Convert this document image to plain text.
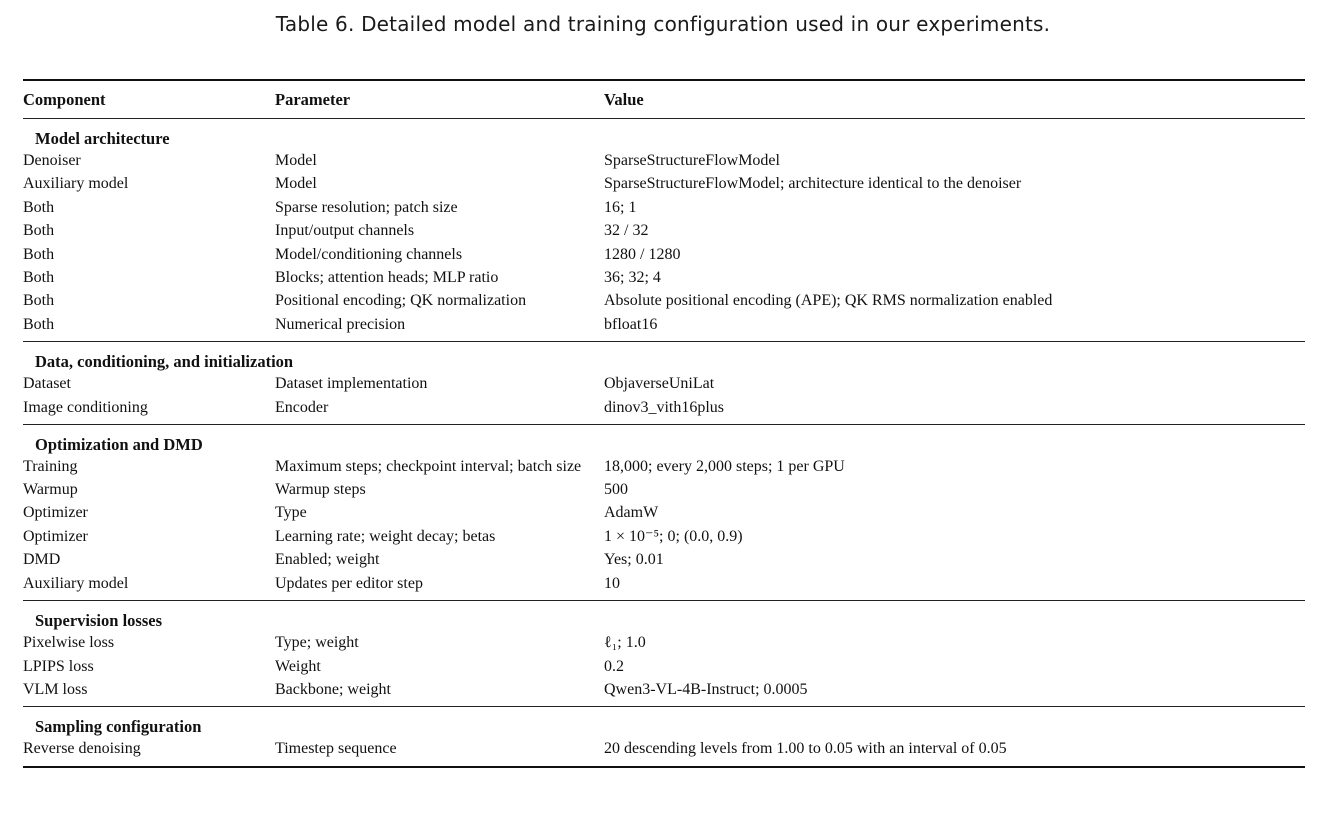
Table 6. Detailed model and training configuration used in our experiments.
Component	Parameter	Value
Model architecture
Denoiser	Model	SparseStructureFlowModel
Auxiliary model	Model	SparseStructureFlowModel; architecture identical to the denoiser
Both	Sparse resolution; patch size	16; 1
Both	Input/output channels	32 / 32
Both	Model/conditioning channels	1280 / 1280
Both	Blocks; attention heads; MLP ratio	36; 32; 4
Both	Positional encoding; QK normalization	Absolute positional encoding (APE); QK RMS normalization enabled
Both	Numerical precision	bfloat16
Data, conditioning, and initialization
Dataset	Dataset implementation	ObjaverseUniLat
Image conditioning	Encoder	dinov3_vith16plus
Optimization and DMD
Training	Maximum steps; checkpoint interval; batch size	18,000; every 2,000 steps; 1 per GPU
Warmup	Warmup steps	500
Optimizer	Type	AdamW
Optimizer	Learning rate; weight decay; betas	1 × 10⁻⁵; 0; (0.0, 0.9)
DMD	Enabled; weight	Yes; 0.01
Auxiliary model	Updates per editor step	10
Supervision losses
Pixelwise loss	Type; weight	ℓ₁; 1.0
LPIPS loss	Weight	0.2
VLM loss	Backbone; weight	Qwen3-VL-4B-Instruct; 0.0005
Sampling configuration
Reverse denoising	Timestep sequence	20 descending levels from 1.00 to 0.05 with an interval of 0.05
